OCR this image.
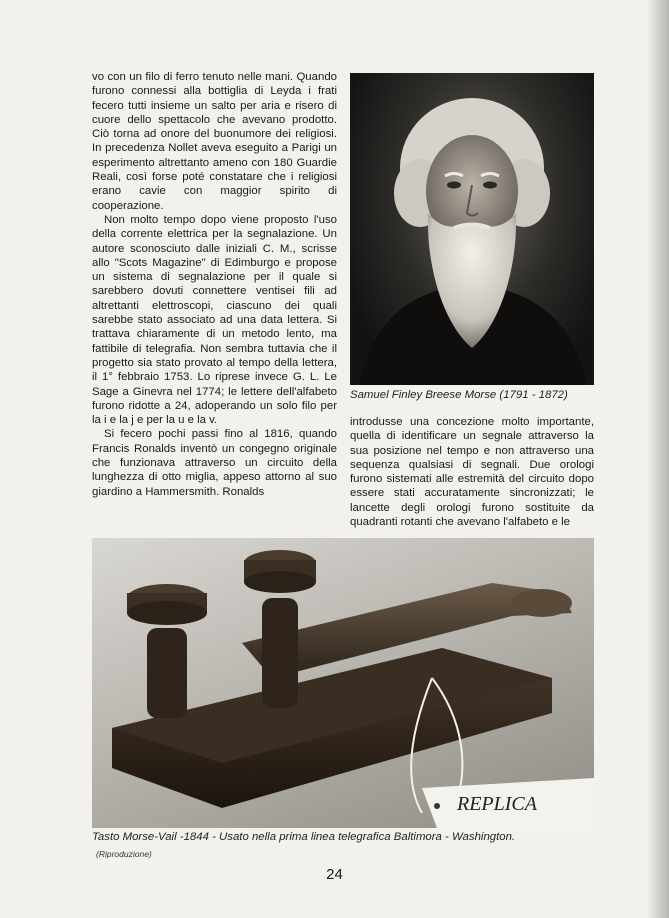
vo con un filo di ferro tenuto nelle mani. Quando furono connessi alla bottiglia di Leyda i frati fecero tutti insieme un salto per aria e risero di cuore dello spettacolo che avevano prodotto. Ciò torna ad onore del buonumore dei religiosi. In precedenza Nollet aveva eseguito a Parigi un esperimento altrettanto ameno con 180 Guardie Reali, così forse poté constatare che i religiosi erano cavie con maggior spirito di cooperazione.

Non molto tempo dopo viene proposto l'uso della corrente elettrica per la segnalazione. Un autore sconosciuto dalle iniziali C. M., scrisse allo "Scots Magazine" di Edimburgo e propose un sistema di segnalazione per il quale si sarebbero dovuti connettere ventisei fili ad altrettanti elettroscopi, ciascuno dei quali sarebbe stato associato ad una data lettera. Si trattava chiaramente di un metodo lento, ma fattibile di telegrafia. Non sembra tuttavia che il progetto sia stato provato al tempo della lettera, il 1° febbraio 1753. Lo riprese invece G. L. Le Sage a Ginevra nel 1774; le lettere dell'alfabeto furono ridotte a 24, adoperando un solo filo per la i e la j e per la u e la v.

Si fecero pochi passi fino al 1816, quando Francis Ronalds inventò un congegno originale che funzionava attraverso un circuito della lunghezza di otto miglia, appeso attorno al suo giardino a Hammersmith. Ronalds

Samuel Finley Breese Morse (1791 - 1872)

introdusse una concezione molto importante, quella di identificare un segnale attraverso la sua posizione nel tempo e non attraverso una sequenza qualsiasi di segnali. Due orologi furono sistemati alle estremità del circuito dopo essere stati accuratamente sincronizzati; le lancette degli orologi furono sostituite da quadranti rotanti che avevano l'alfabeto e le

REPLICA
Tasto Morse-Vail -1844 - Usato nella prima linea telegrafica Baltimora - Washington.
(Riproduzione)
24
